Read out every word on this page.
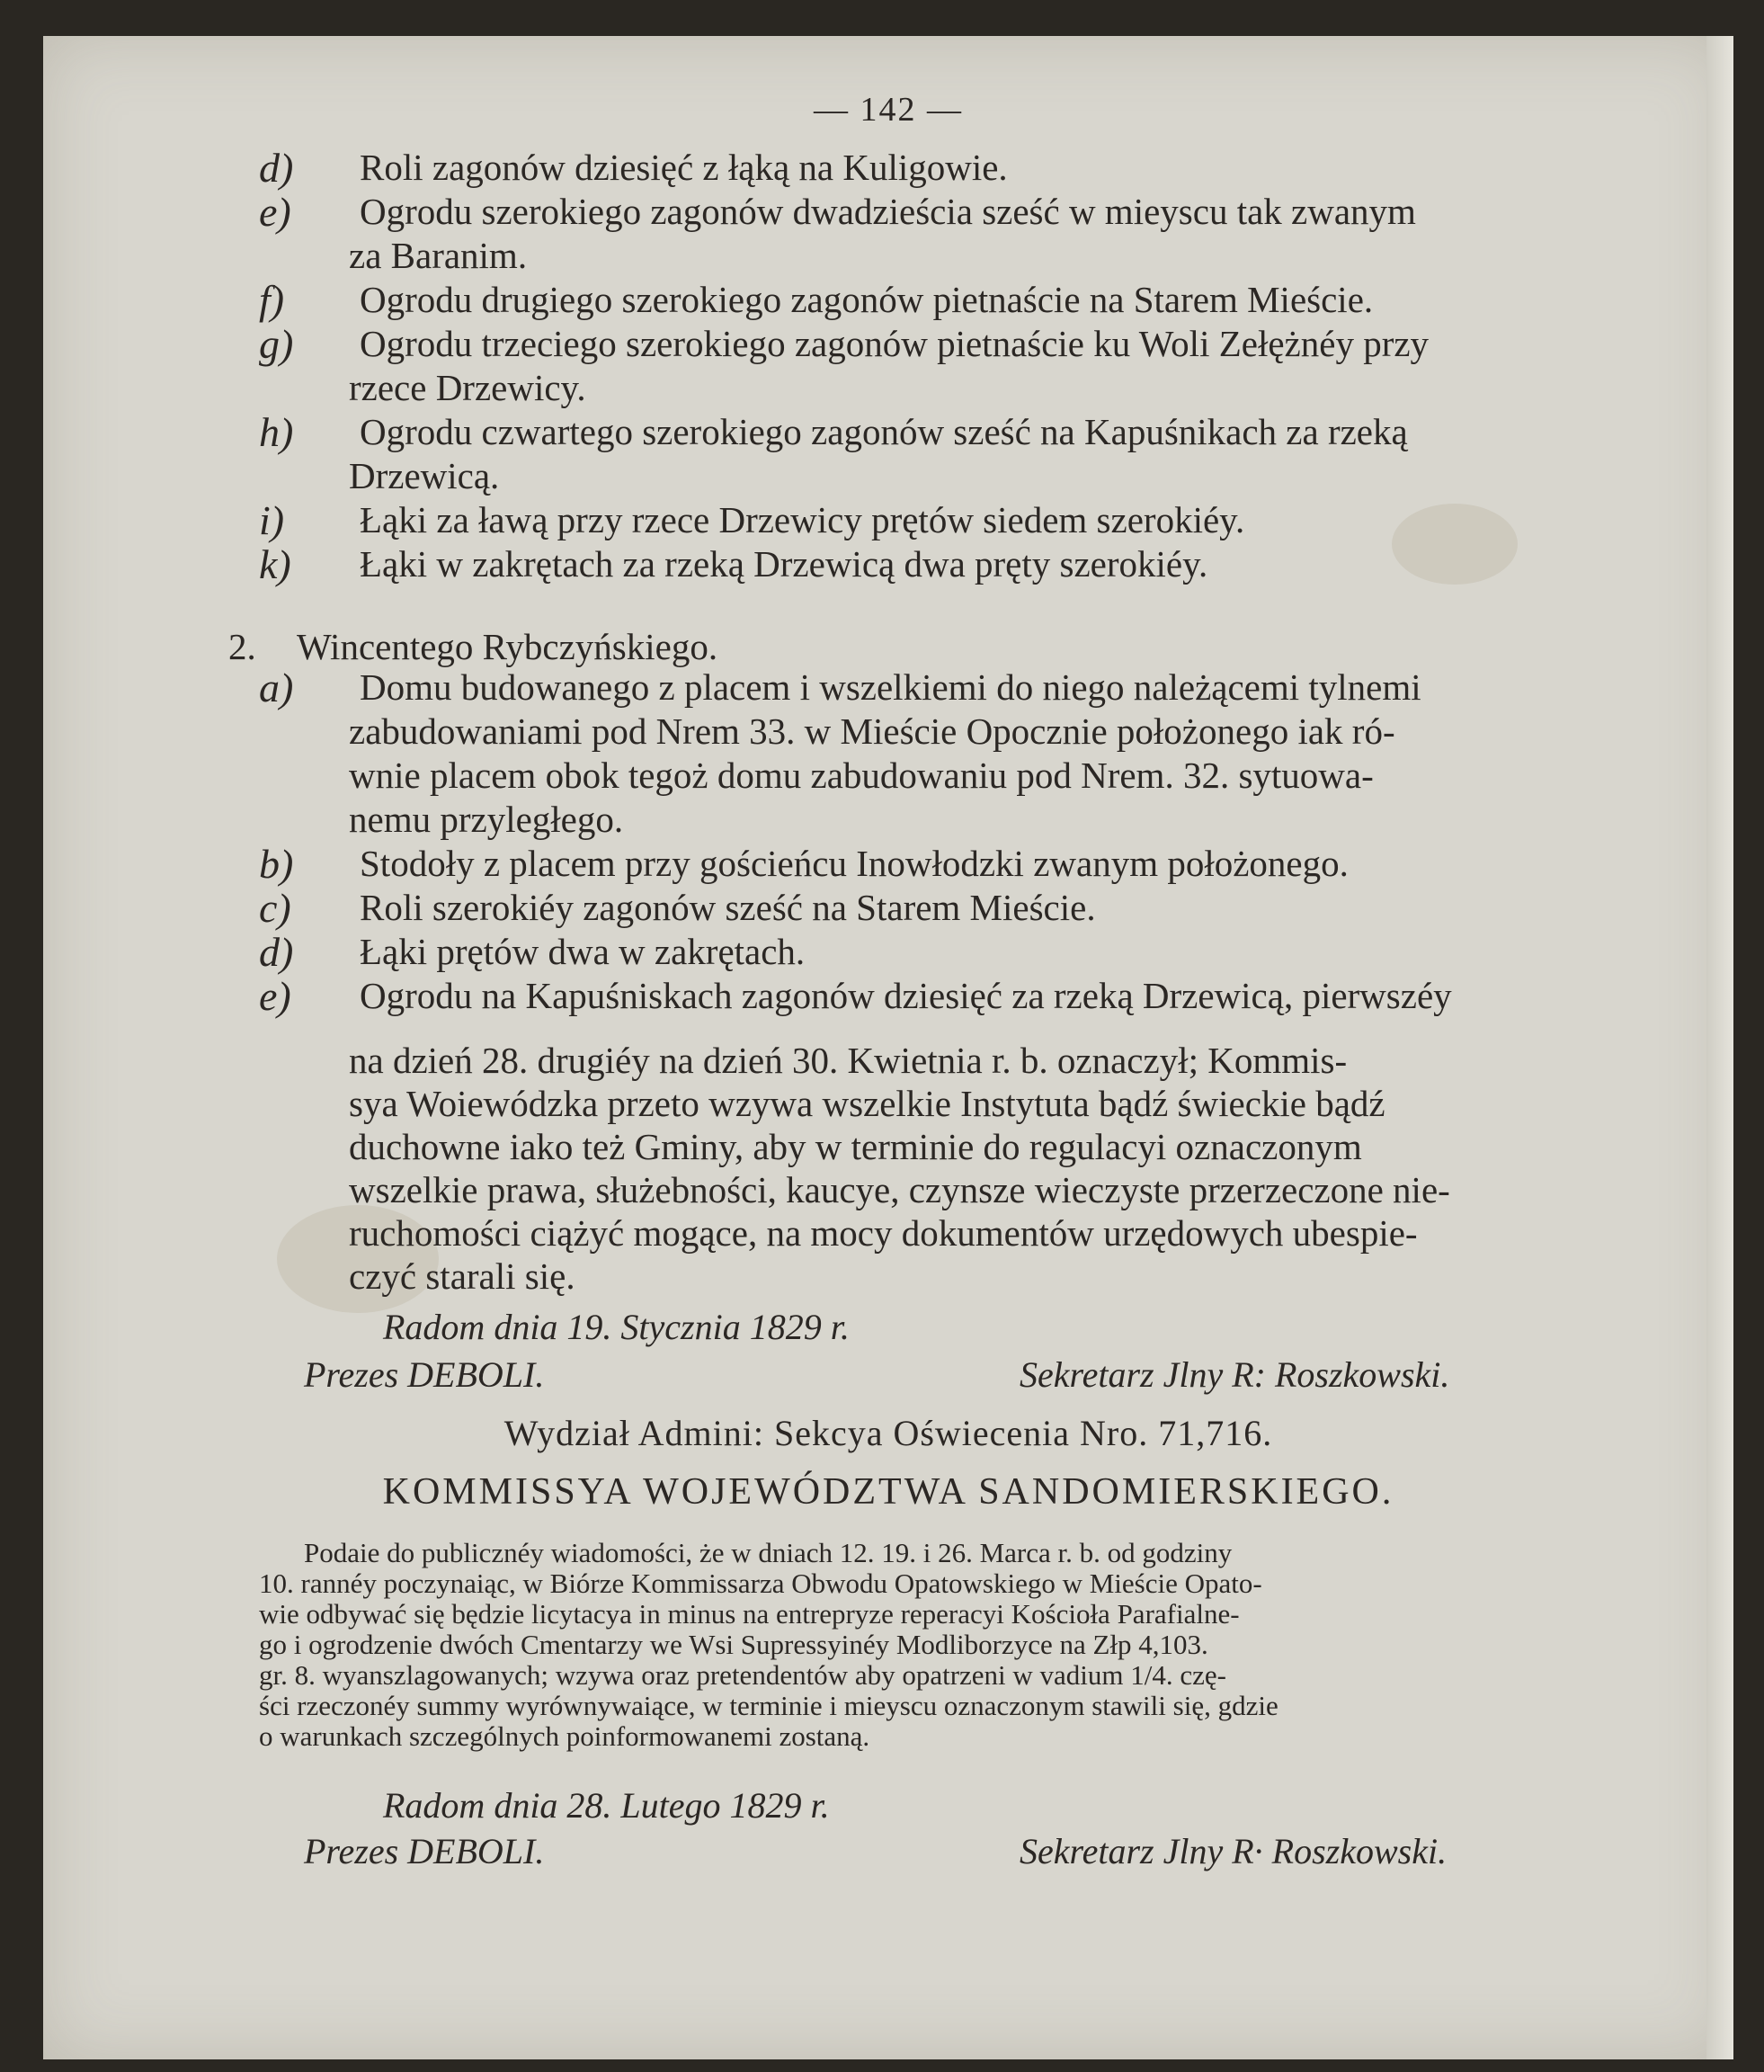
— 142 —
d) Roli zagonów dziesięć z łąką na Kuligowie.
e) Ogrodu szerokiego zagonów dwadzieścia sześć w mieyscu tak zwanym
za Baranim.
f) Ogrodu drugiego szerokiego zagonów pietnaście na Starem Mieście.
g) Ogrodu trzeciego szerokiego zagonów pietnaście ku Woli Zełężnéy przy
rzece Drzewicy.
h) Ogrodu czwartego szerokiego zagonów sześć na Kapuśnikach za rzeką
Drzewicą.
i) Łąki za ławą przy rzece Drzewicy prętów siedem szerokiéy.
k) Łąki w zakrętach za rzeką Drzewicą dwa pręty szerokiéy.
2. Wincentego Rybczyńskiego.
a) Domu budowanego z placem i wszelkiemi do niego należącemi tylnemi
zabudowaniami pod Nrem 33. w Mieście Opocznie położonego iak ró-
wnie placem obok tegoż domu zabudowaniu pod Nrem. 32. sytuowa-
nemu przyległego.
b) Stodoły z placem przy gościeńcu Inowłodzki zwanym położonego.
c) Roli szerokiéy zagonów sześć na Starem Mieście.
d) Łąki prętów dwa w zakrętach.
e) Ogrodu na Kapuśniskach zagonów dziesięć za rzeką Drzewicą, pierwszéy
na dzień 28. drugiéy na dzień 30. Kwietnia r. b. oznaczył; Kommis-
sya Woiewódzka przeto wzywa wszelkie Instytuta bądź świeckie bądź
duchowne iako też Gminy, aby w terminie do regulacyi oznaczonym
wszelkie prawa, służebności, kaucye, czynsze wieczyste przerzeczone nie-
ruchomości ciążyć mogące, na mocy dokumentów urzędowych ubespie-
czyć starali się.
Radom dnia 19. Stycznia 1829 r.
Prezes DEBOLI.	Sekretarz Jlny R: Roszkowski.
Wydział Admini: Sekcya Oświecenia Nro. 71,716.
KOMMISSYA WOJEWÓDZTWA SANDOMIERSKIEGO.
Podaie do publicznéy wiadomości, że w dniach 12. 19. i 26. Marca r. b. od godziny
10. rannéy poczynaiąc, w Biórze Kommissarza Obwodu Opatowskiego w Mieście Opato-
wie odbywać się będzie licytacya in minus na entrepryze reperacyi Kościoła Parafialne-
go i ogrodzenie dwóch Cmentarzy we Wsi Supressyinéy Modliborzyce na Złp 4,103.
gr. 8. wyanszlagowanych; wzywa oraz pretendentów aby opatrzeni w vadium 1/4. czę-
ści rzeczonéy summy wyrównywaiące, w terminie i mieyscu oznaczonym stawili się, gdzie
o warunkach szczególnych poinformowanemi zostaną.
Radom dnia 28. Lutego 1829 r.
Prezes DEBOLI.	Sekretarz Jlny R· Roszkowski.
